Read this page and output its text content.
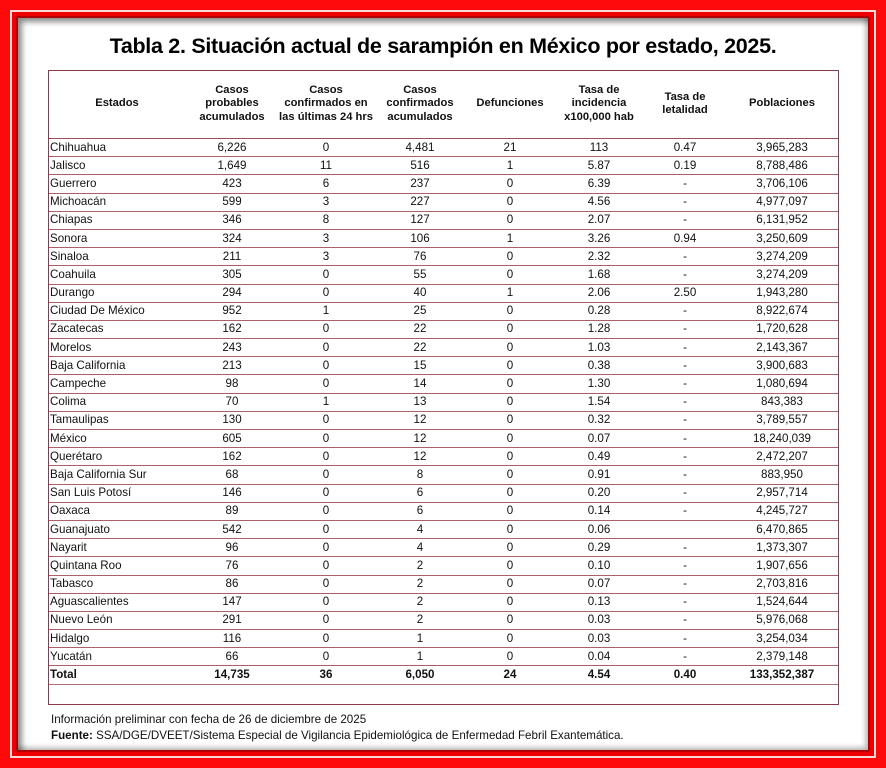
Tabla 2. Situación actual de sarampión en México por estado, 2025.
Estados	Casos probables acumulados	Casos confirmados en las últimas 24 hrs	Casos confirmados acumulados	Defunciones	Tasa de incidencia x100,000 hab	Tasa de letalidad	Poblaciones
Chihuahua	6,226	0	4,481	21	113	0.47	3,965,283
Jalisco	1,649	11	516	1	5.87	0.19	8,788,486
Guerrero	423	6	237	0	6.39	-	3,706,106
Michoacán	599	3	227	0	4.56	-	4,977,097
Chiapas	346	8	127	0	2.07	-	6,131,952
Sonora	324	3	106	1	3.26	0.94	3,250,609
Sinaloa	211	3	76	0	2.32	-	3,274,209
Coahuila	305	0	55	0	1.68	-	3,274,209
Durango	294	0	40	1	2.06	2.50	1,943,280
Ciudad De México	952	1	25	0	0.28	-	8,922,674
Zacatecas	162	0	22	0	1.28	-	1,720,628
Morelos	243	0	22	0	1.03	-	2,143,367
Baja California	213	0	15	0	0.38	-	3,900,683
Campeche	98	0	14	0	1.30	-	1,080,694
Colima	70	1	13	0	1.54	-	843,383
Tamaulipas	130	0	12	0	0.32	-	3,789,557
México	605	0	12	0	0.07	-	18,240,039
Querétaro	162	0	12	0	0.49	-	2,472,207
Baja California Sur	68	0	8	0	0.91	-	883,950
San Luis Potosí	146	0	6	0	0.20	-	2,957,714
Oaxaca	89	0	6	0	0.14	-	4,245,727
Guanajuato	542	0	4	0	0.06		6,470,865
Nayarit	96	0	4	0	0.29	-	1,373,307
Quintana Roo	76	0	2	0	0.10	-	1,907,656
Tabasco	86	0	2	0	0.07	-	2,703,816
Aguascalientes	147	0	2	0	0.13	-	1,524,644
Nuevo León	291	0	2	0	0.03	-	5,976,068
Hidalgo	116	0	1	0	0.03	-	3,254,034
Yucatán	66	0	1	0	0.04	-	2,379,148
Total	14,735	36	6,050	24	4.54	0.40	133,352,387
Información preliminar con fecha de 26 de diciembre de 2025
Fuente: SSA/DGE/DVEET/Sistema Especial de Vigilancia Epidemiológica de Enfermedad Febril Exantemática.
